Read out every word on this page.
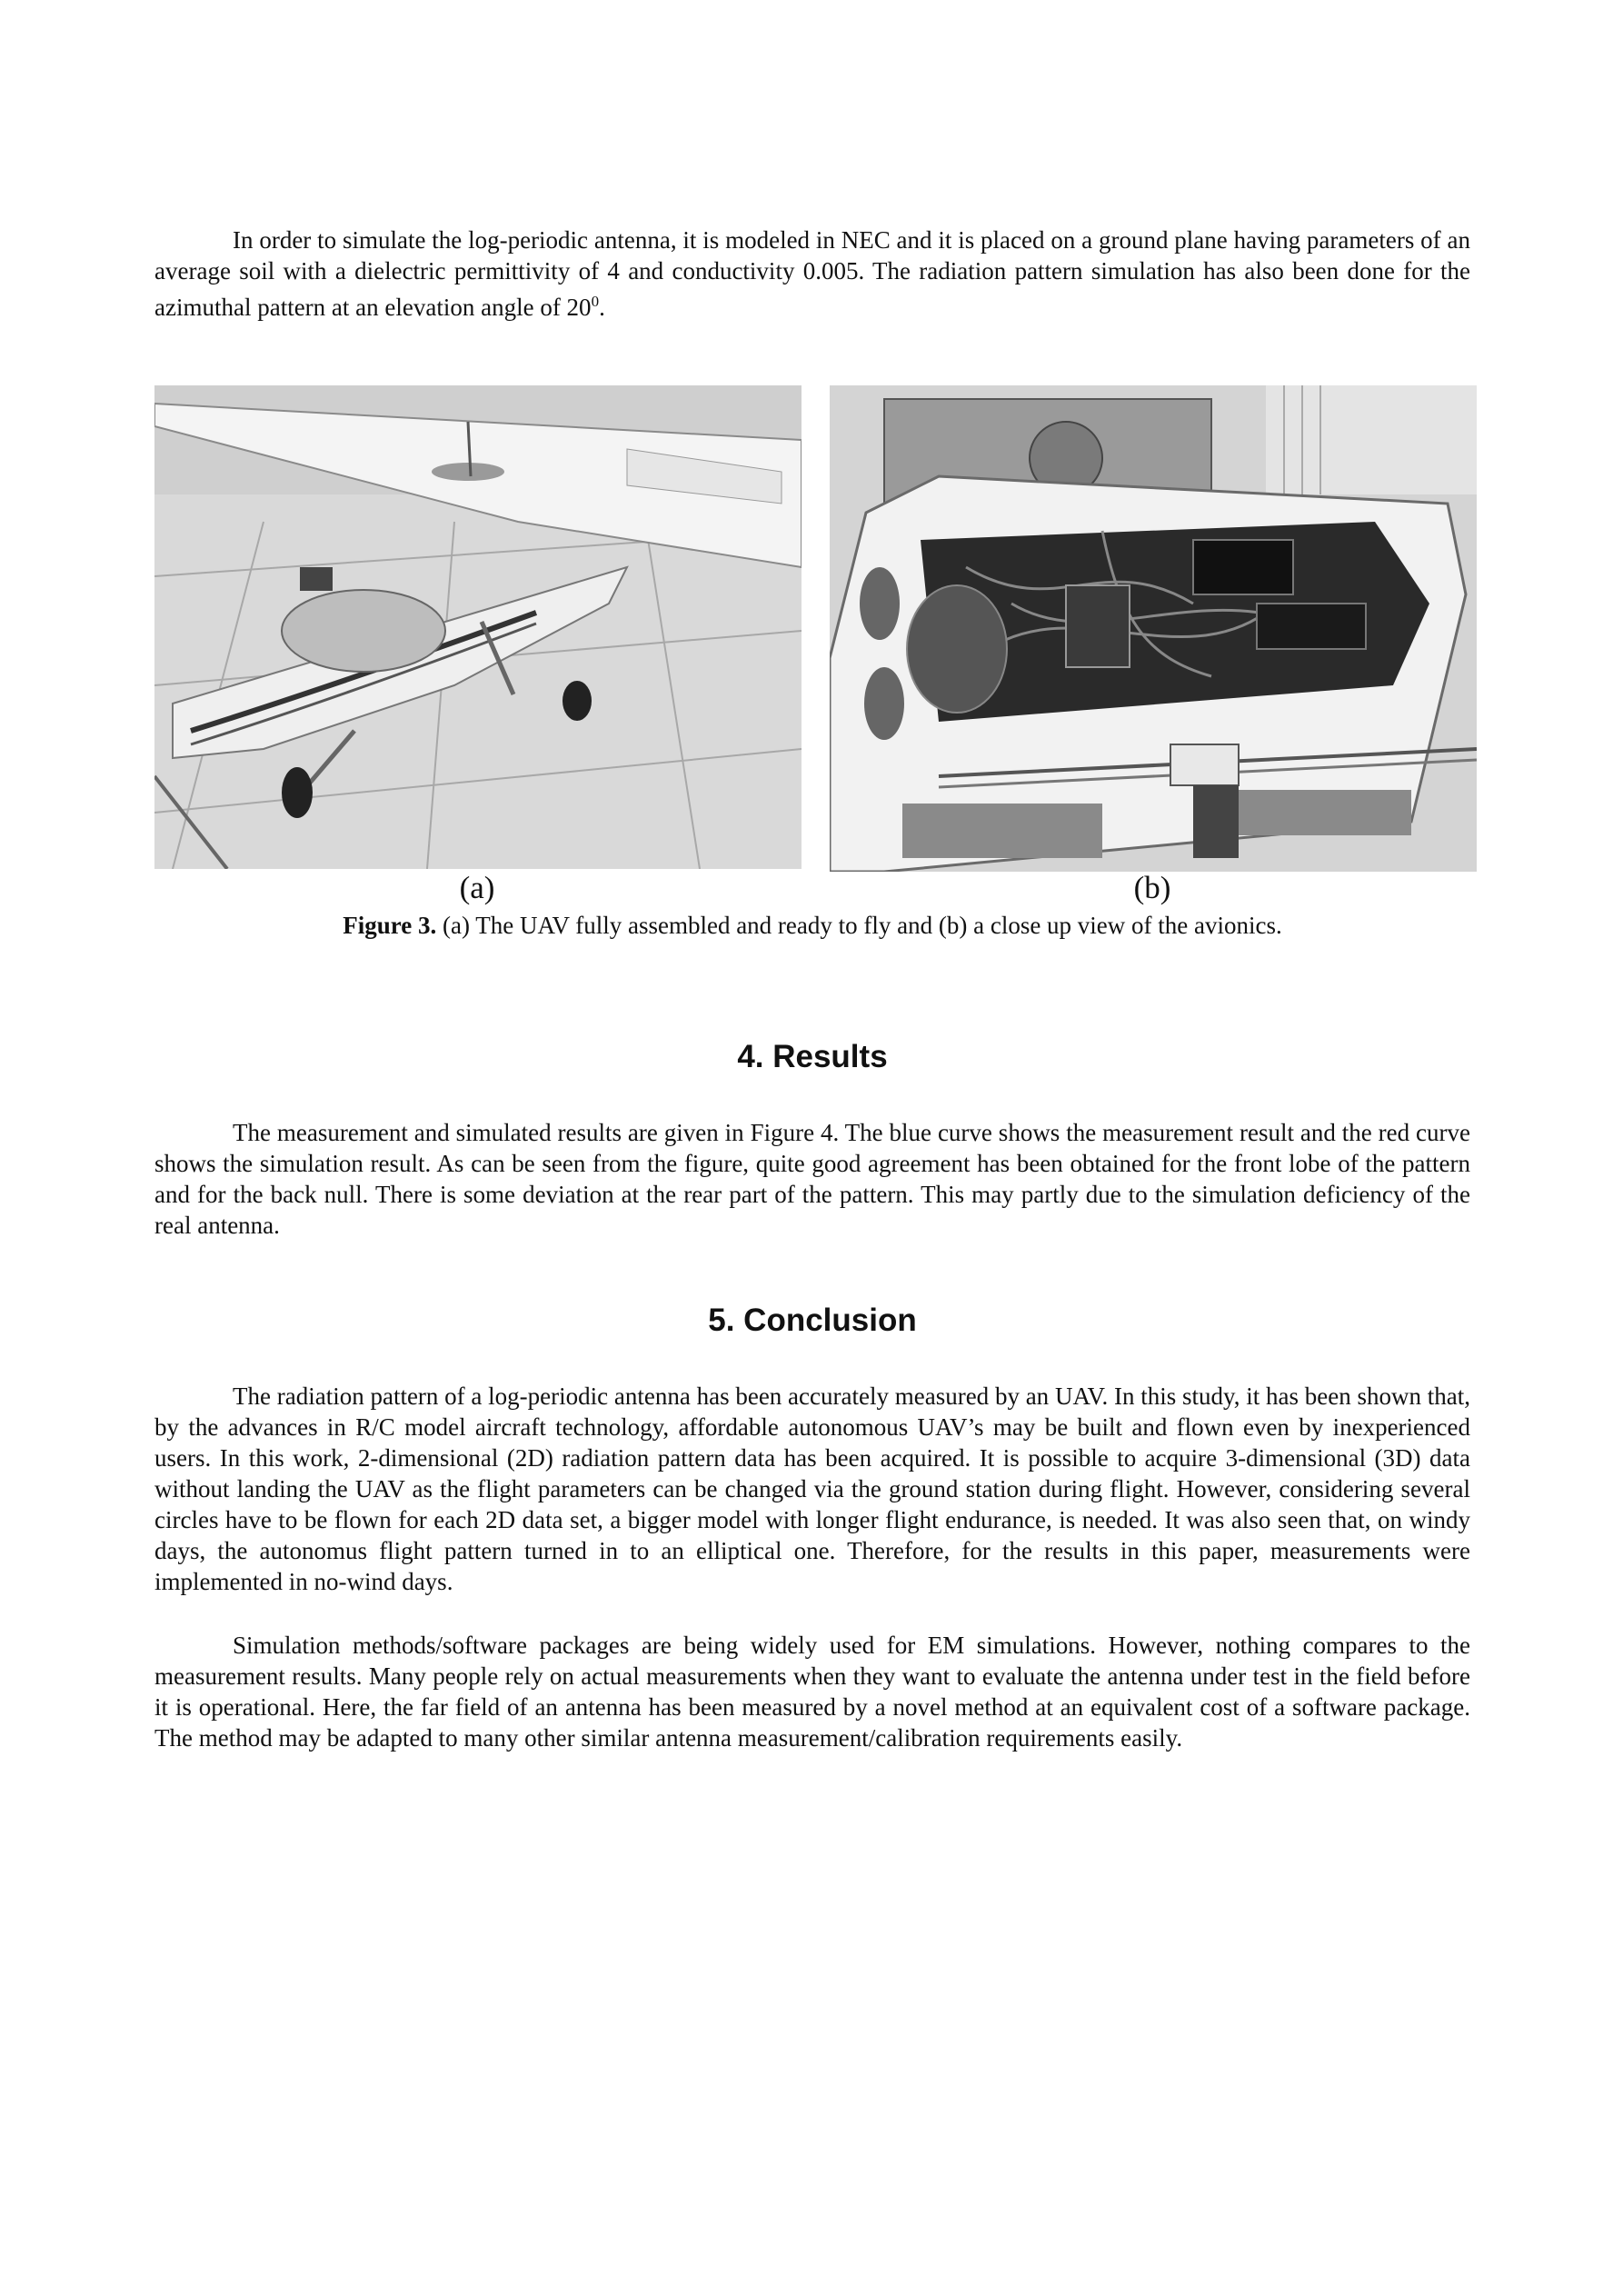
In order to simulate the log-periodic antenna, it is modeled in NEC and it is placed on a ground plane having parameters of an average soil with a dielectric permittivity of 4 and conductivity 0.005. The radiation pattern simulation has also been done for the azimuthal pattern at an elevation angle of $20^0$.

(a)	(b)

Figure 3. (a) The UAV fully assembled and ready to fly and (b) a close up view of the avionics.

4. Results

The measurement and simulated results are given in Figure 4. The blue curve shows the measurement result and the red curve shows the simulation result. As can be seen from the figure, quite good agreement has been obtained for the front lobe of the pattern and for the back null. There is some deviation at the rear part of the pattern. This may partly due to the simulation deficiency of the real antenna.

5. Conclusion

The radiation pattern of a log-periodic antenna has been accurately measured by an UAV. In this study, it has been shown that, by the advances in R/C model aircraft technology, affordable autonomous UAV’s may be built and flown even by inexperienced users. In this work, 2-dimensional (2D) radiation pattern data has been acquired. It is possible to acquire 3-dimensional (3D) data without landing the UAV as the flight parameters can be changed via the ground station during flight. However, considering several circles have to be flown for each 2D data set, a bigger model with longer flight endurance, is needed. It was also seen that, on windy days, the autonomus flight pattern turned in to an elliptical one. Therefore, for the results in this paper, measurements were implemented in no-wind days.

Simulation methods/software packages are being widely used for EM simulations. However, nothing compares to the measurement results. Many people rely on actual measurements when they want to evaluate the antenna under test in the field before it is operational. Here, the far field of an antenna has been measured by a novel method at an equivalent cost of a software package. The method may be adapted to many other similar antenna measurement/calibration requirements easily.
